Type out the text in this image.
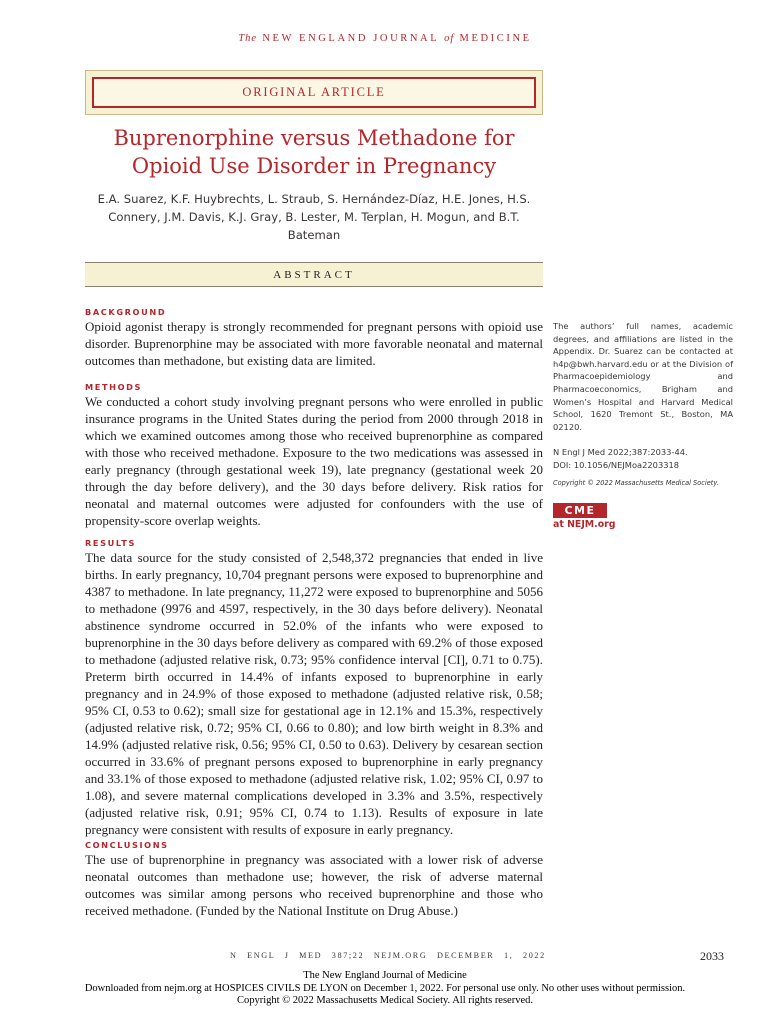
The NEW ENGLAND JOURNAL of MEDICINE
ORIGINAL ARTICLE
Buprenorphine versus Methadone for Opioid Use Disorder in Pregnancy
E.A. Suarez, K.F. Huybrechts, L. Straub, S. Hernández-Díaz, H.E. Jones, H.S. Connery, J.M. Davis, K.J. Gray, B. Lester, M. Terplan, H. Mogun, and B.T. Bateman
ABSTRACT
BACKGROUND
Opioid agonist therapy is strongly recommended for pregnant persons with opioid use disorder. Buprenorphine may be associated with more favorable neonatal and maternal outcomes than methadone, but existing data are limited.
METHODS
We conducted a cohort study involving pregnant persons who were enrolled in public insurance programs in the United States during the period from 2000 through 2018 in which we examined outcomes among those who received buprenorphine as compared with those who received methadone. Exposure to the two medications was assessed in early pregnancy (through gestational week 19), late pregnancy (gestational week 20 through the day before delivery), and the 30 days before delivery. Risk ratios for neonatal and maternal outcomes were adjusted for confounders with the use of propensity-score overlap weights.
RESULTS
The data source for the study consisted of 2,548,372 pregnancies that ended in live births. In early pregnancy, 10,704 pregnant persons were exposed to buprenorphine and 4387 to methadone. In late pregnancy, 11,272 were exposed to buprenorphine and 5056 to methadone (9976 and 4597, respectively, in the 30 days before delivery). Neonatal abstinence syndrome occurred in 52.0% of the infants who were exposed to buprenorphine in the 30 days before delivery as compared with 69.2% of those exposed to methadone (adjusted relative risk, 0.73; 95% confidence interval [CI], 0.71 to 0.75). Preterm birth occurred in 14.4% of infants exposed to buprenorphine in early pregnancy and in 24.9% of those exposed to methadone (adjusted relative risk, 0.58; 95% CI, 0.53 to 0.62); small size for gestational age in 12.1% and 15.3%, respectively (adjusted relative risk, 0.72; 95% CI, 0.66 to 0.80); and low birth weight in 8.3% and 14.9% (adjusted relative risk, 0.56; 95% CI, 0.50 to 0.63). Delivery by cesarean section occurred in 33.6% of pregnant persons exposed to buprenorphine in early pregnancy and 33.1% of those exposed to methadone (adjusted relative risk, 1.02; 95% CI, 0.97 to 1.08), and severe maternal complications developed in 3.3% and 3.5%, respectively (adjusted relative risk, 0.91; 95% CI, 0.74 to 1.13). Results of exposure in late pregnancy were consistent with results of exposure in early pregnancy.
CONCLUSIONS
The use of buprenorphine in pregnancy was associated with a lower risk of adverse neonatal outcomes than methadone use; however, the risk of adverse maternal outcomes was similar among persons who received buprenorphine and those who received methadone. (Funded by the National Institute on Drug Abuse.)
The authors’ full names, academic degrees, and affiliations are listed in the Appendix. Dr. Suarez can be contacted at h4p@bwh.harvard.edu or at the Division of Pharmacoepidemiology and Pharmacoeconomics, Brigham and Women’s Hospital and Harvard Medical School, 1620 Tremont St., Boston, MA 02120.
N Engl J Med 2022;387:2033-44.
DOI: 10.1056/NEJMoa2203318
Copyright © 2022 Massachusetts Medical Society.
CME
at NEJM.org
N ENGL J MED 387;22 NEJM.ORG DECEMBER 1, 2022	2033
The New England Journal of Medicine
Downloaded from nejm.org at HOSPICES CIVILS DE LYON on December 1, 2022. For personal use only. No other uses without permission.
Copyright © 2022 Massachusetts Medical Society. All rights reserved.
